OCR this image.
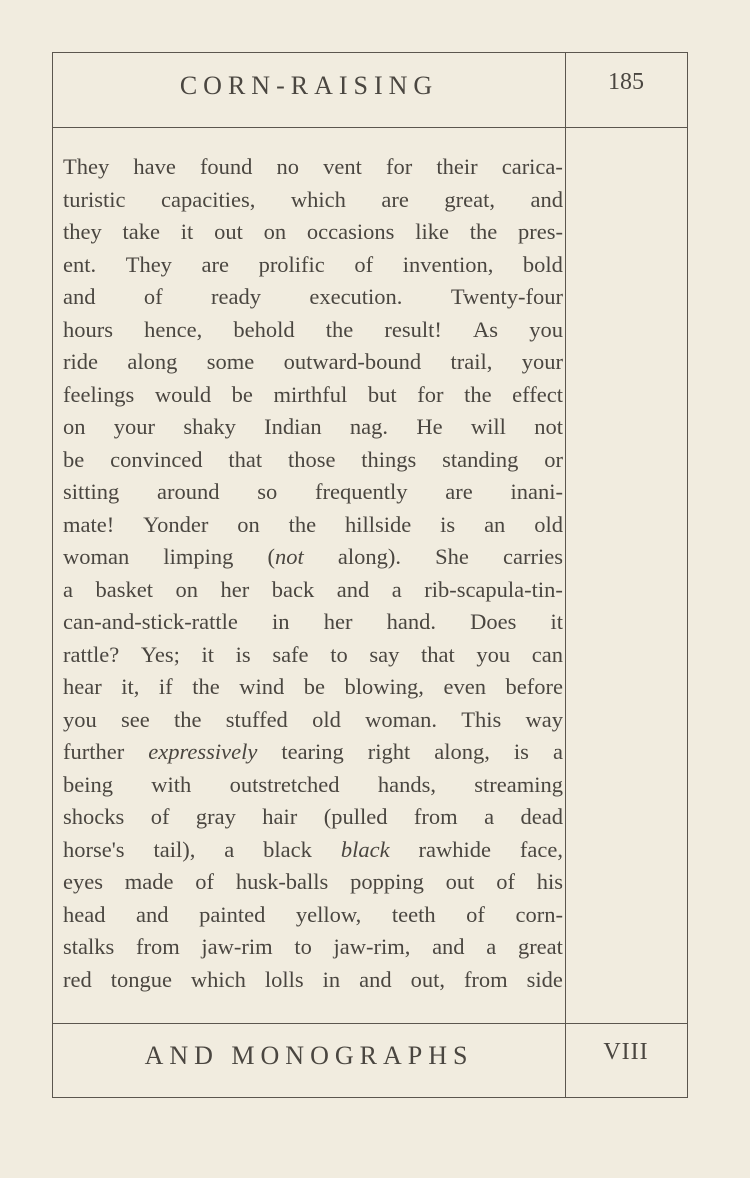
CORN-RAISING	185
They have found no vent for their carica-
turistic capacities, which are great, and
they take it out on occasions like the pres-
ent. They are prolific of invention, bold
and of ready execution. Twenty-four
hours hence, behold the result! As you
ride along some outward-bound trail, your
feelings would be mirthful but for the effect
on your shaky Indian nag. He will not
be convinced that those things standing or
sitting around so frequently are inani-
mate! Yonder on the hillside is an old
woman limping (not along). She carries
a basket on her back and a rib-scapula-tin-
can-and-stick-rattle in her hand. Does it
rattle? Yes; it is safe to say that you can
hear it, if the wind be blowing, even before
you see the stuffed old woman. This way
further expressively tearing right along, is a
being with outstretched hands, streaming
shocks of gray hair (pulled from a dead
horse's tail), a black black rawhide face,
eyes made of husk-balls popping out of his
head and painted yellow, teeth of corn-
stalks from jaw-rim to jaw-rim, and a great
red tongue which lolls in and out, from side
AND MONOGRAPHS	VIII
